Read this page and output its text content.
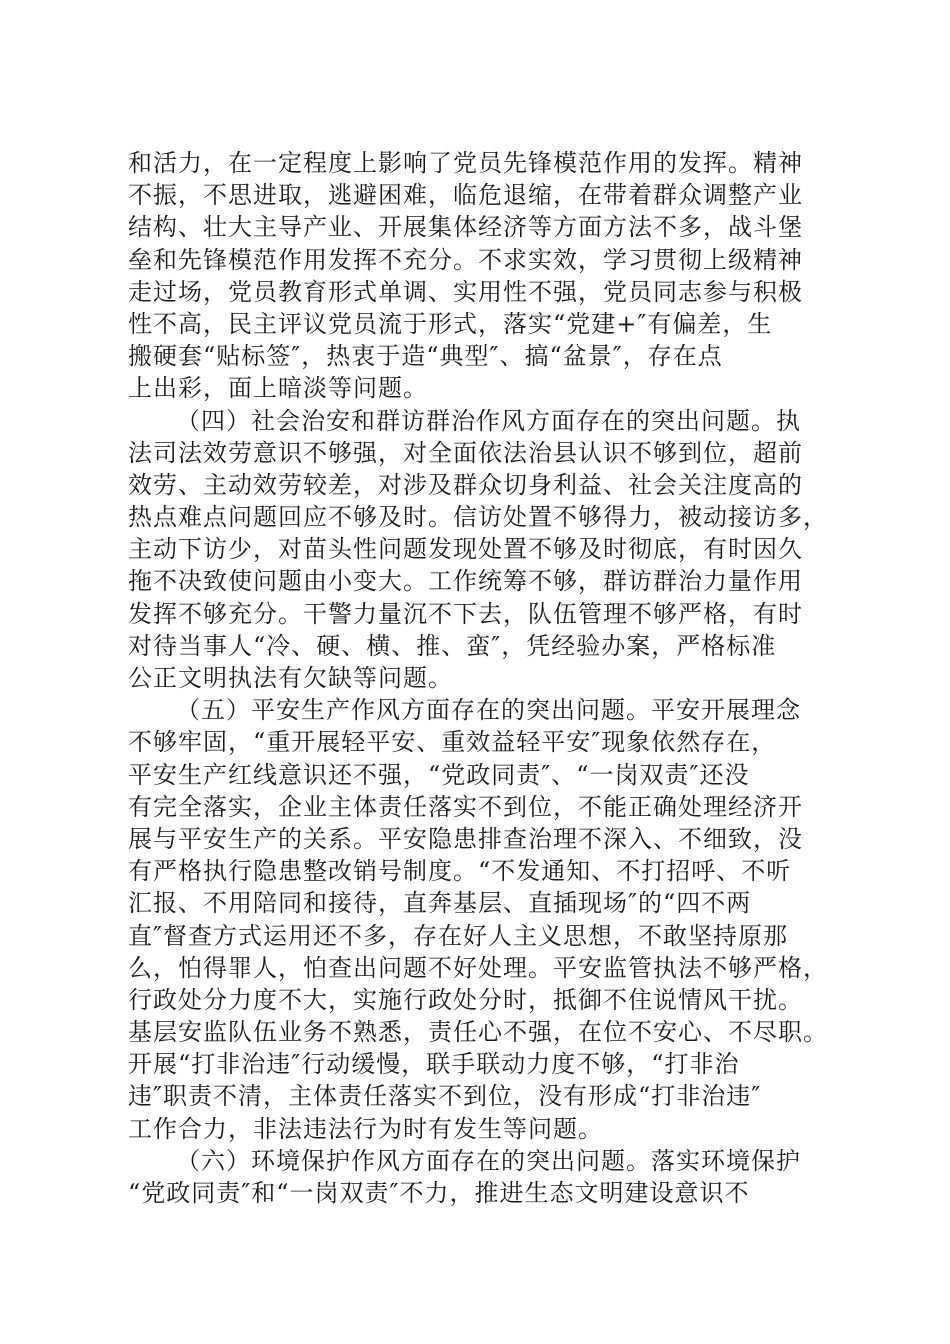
和活力，在一定程度上影响了党员先锋模范作用的发挥。精神
不振，不思进取，逃避困难，临危退缩，在带着群众调整产业
结构、壮大主导产业、开展集体经济等方面方法不多，战斗堡
垒和先锋模范作用发挥不充分。不求实效，学习贯彻上级精神
走过场，党员教育形式单调、实用性不强，党员同志参与积极
性不高，民主评议党员流于形式，落实“党建+″有偏差，生
搬硬套“贴标签″，热衷于造“典型″、搞“盆景″，存在点
上出彩，面上暗淡等问题。
（四）社会治安和群访群治作风方面存在的突出问题。执
法司法效劳意识不够强，对全面依法治县认识不够到位，超前
效劳、主动效劳较差，对涉及群众切身利益、社会关注度高的
热点难点问题回应不够及时。信访处置不够得力，被动接访多，
主动下访少，对苗头性问题发现处置不够及时彻底，有时因久
拖不决致使问题由小变大。工作统筹不够，群访群治力量作用
发挥不够充分。干警力量沉不下去，队伍管理不够严格，有时
对待当事人“冷、硬、横、推、蛮″，凭经验办案，严格标准
公正文明执法有欠缺等问题。
（五）平安生产作风方面存在的突出问题。平安开展理念
不够牢固，“重开展轻平安、重效益轻平安″现象依然存在，
平安生产红线意识还不强，“党政同责″、“一岗双责″还没
有完全落实，企业主体责任落实不到位，不能正确处理经济开
展与平安生产的关系。平安隐患排查治理不深入、不细致，没
有严格执行隐患整改销号制度。“不发通知、不打招呼、不听
汇报、不用陪同和接待，直奔基层、直插现场″的“四不两
直″督查方式运用还不多，存在好人主义思想，不敢坚持原那
么，怕得罪人，怕查出问题不好处理。平安监管执法不够严格，
行政处分力度不大，实施行政处分时，抵御不住说情风干扰。
基层安监队伍业务不熟悉，责任心不强，在位不安心、不尽职。
开展“打非治违″行动缓慢，联手联动力度不够，“打非治
违″职责不清，主体责任落实不到位，没有形成“打非治违″
工作合力，非法违法行为时有发生等问题。
（六）环境保护作风方面存在的突出问题。落实环境保护
“党政同责″和“一岗双责″不力，推进生态文明建设意识不
